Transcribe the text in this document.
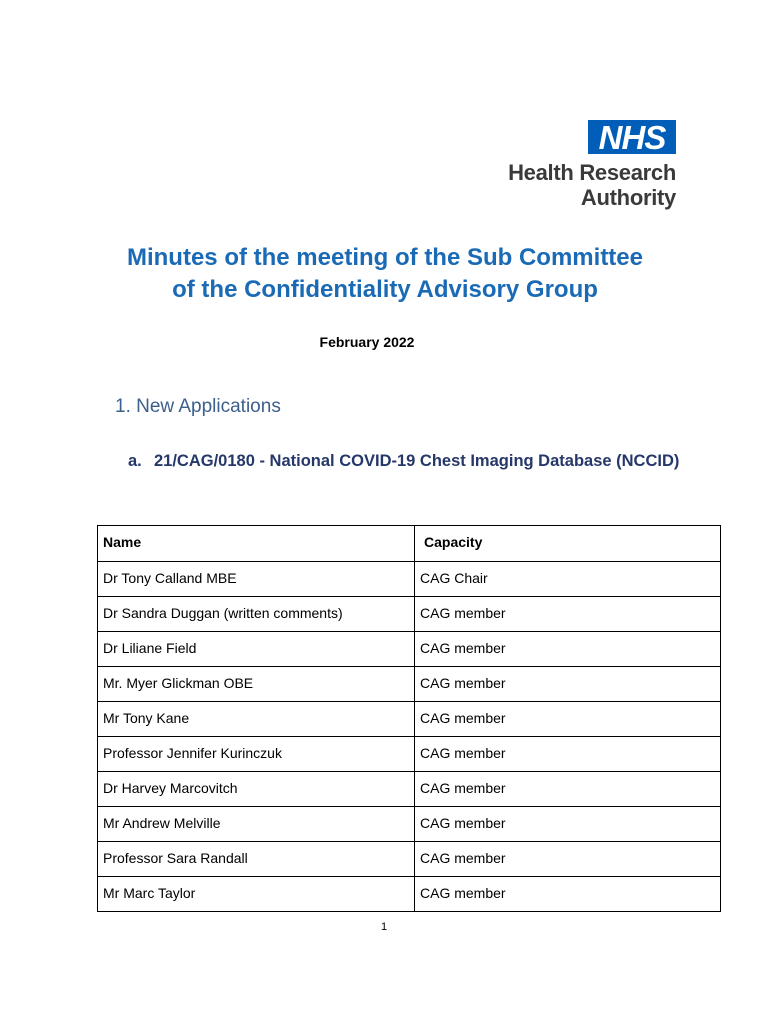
NHS
Health Research
Authority
Minutes of the meeting of the Sub Committee
of the Confidentiality Advisory Group
February 2022
1. New Applications
a. 21/CAG/0180 - National COVID-19 Chest Imaging Database (NCCID)
Name	Capacity
Dr Tony Calland MBE	CAG Chair
Dr Sandra Duggan (written comments)	CAG member
Dr Liliane Field	CAG member
Mr. Myer Glickman OBE	CAG member
Mr Tony Kane	CAG member
Professor Jennifer Kurinczuk	CAG member
Dr Harvey Marcovitch	CAG member
Mr Andrew Melville	CAG member
Professor Sara Randall	CAG member
Mr Marc Taylor	CAG member
1
